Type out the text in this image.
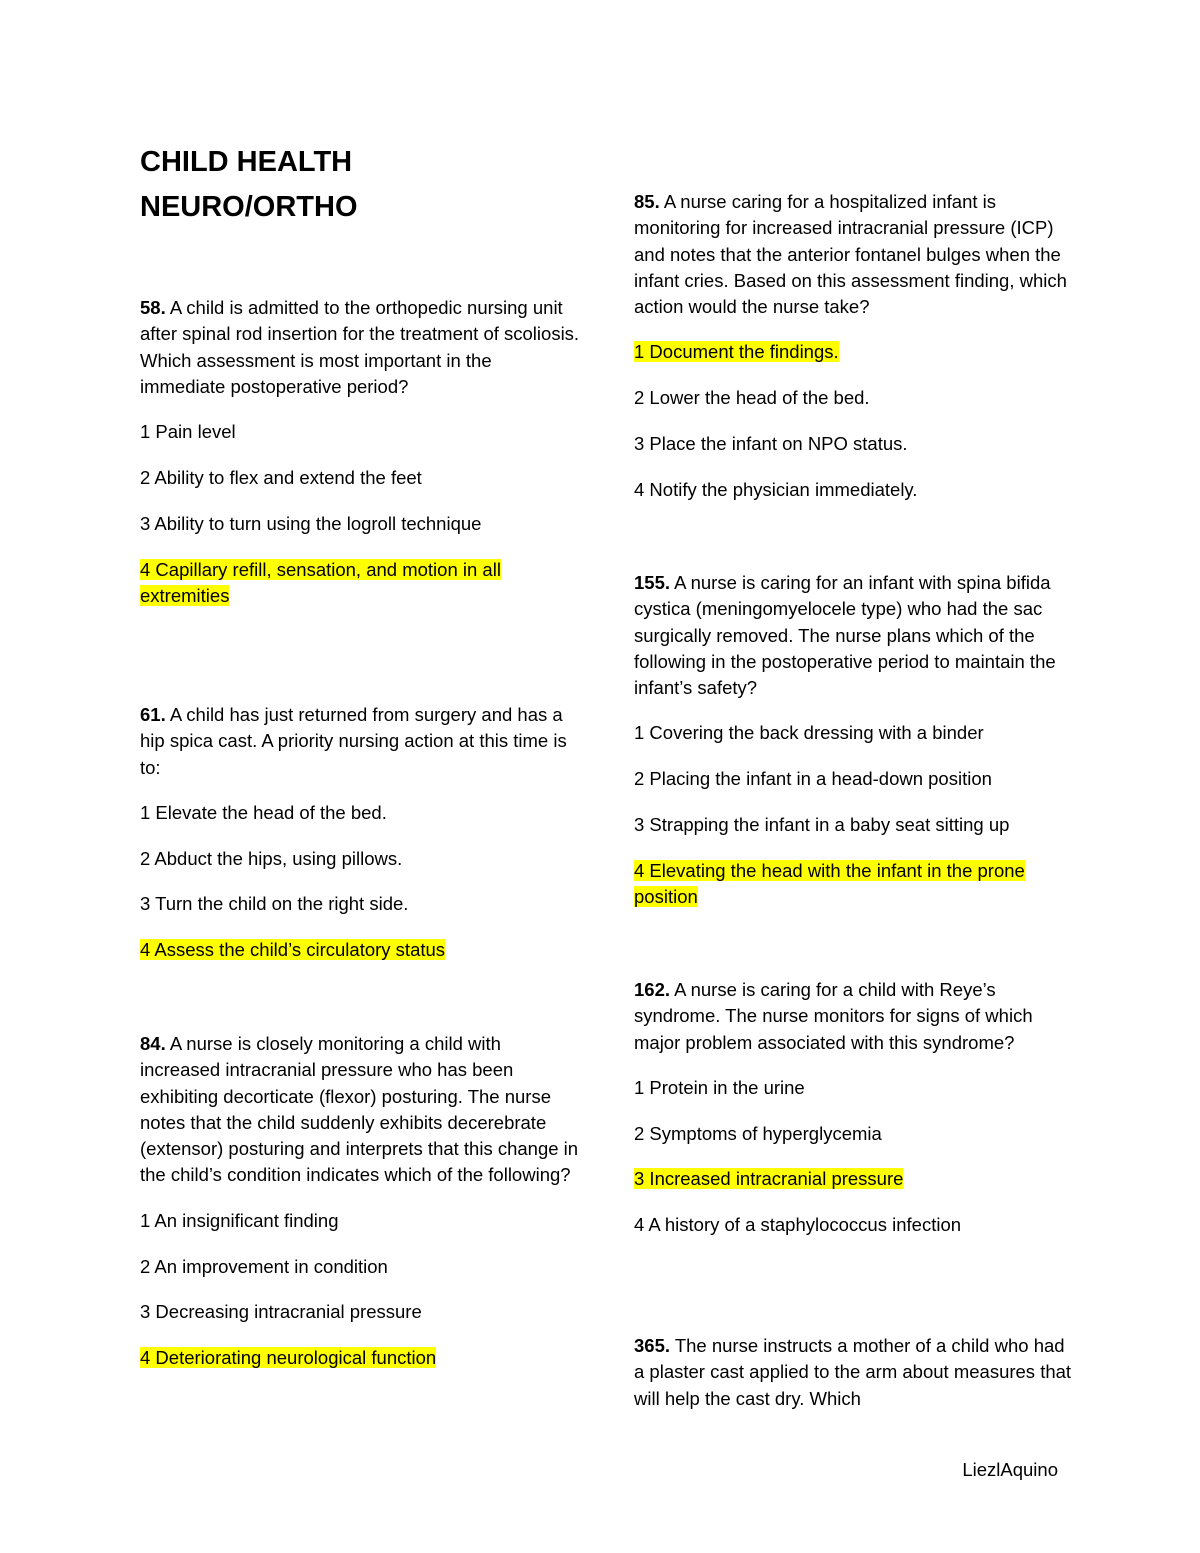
CHILD HEALTH
NEURO/ORTHO

58. A child is admitted to the orthopedic nursing unit after spinal rod insertion for the treatment of scoliosis. Which assessment is most important in the immediate postoperative period?

1 Pain level

2 Ability to flex and extend the feet

3 Ability to turn using the logroll technique

4 Capillary refill, sensation, and motion in all extremities

61. A child has just returned from surgery and has a hip spica cast. A priority nursing action at this time is to:

1 Elevate the head of the bed.

2 Abduct the hips, using pillows.

3 Turn the child on the right side.

4 Assess the child’s circulatory status

84. A nurse is closely monitoring a child with increased intracranial pressure who has been exhibiting decorticate (flexor) posturing. The nurse notes that the child suddenly exhibits decerebrate (extensor) posturing and interprets that this change in the child’s condition indicates which of the following?

1 An insignificant finding

2 An improvement in condition

3 Decreasing intracranial pressure

4 Deteriorating neurological function

85. A nurse caring for a hospitalized infant is monitoring for increased intracranial pressure (ICP) and notes that the anterior fontanel bulges when the infant cries. Based on this assessment finding, which action would the nurse take?

1 Document the findings.

2 Lower the head of the bed.

3 Place the infant on NPO status.

4 Notify the physician immediately.

155. A nurse is caring for an infant with spina bifida cystica (meningomyelocele type) who had the sac surgically removed. The nurse plans which of the following in the postoperative period to maintain the infant’s safety?

1 Covering the back dressing with a binder

2 Placing the infant in a head-down position

3 Strapping the infant in a baby seat sitting up

4 Elevating the head with the infant in the prone position

162. A nurse is caring for a child with Reye’s syndrome. The nurse monitors for signs of which major problem associated with this syndrome?

1 Protein in the urine

2 Symptoms of hyperglycemia

3 Increased intracranial pressure

4 A history of a staphylococcus infection

365. The nurse instructs a mother of a child who had a plaster cast applied to the arm about measures that will help the cast dry. Which

LiezlAquino
